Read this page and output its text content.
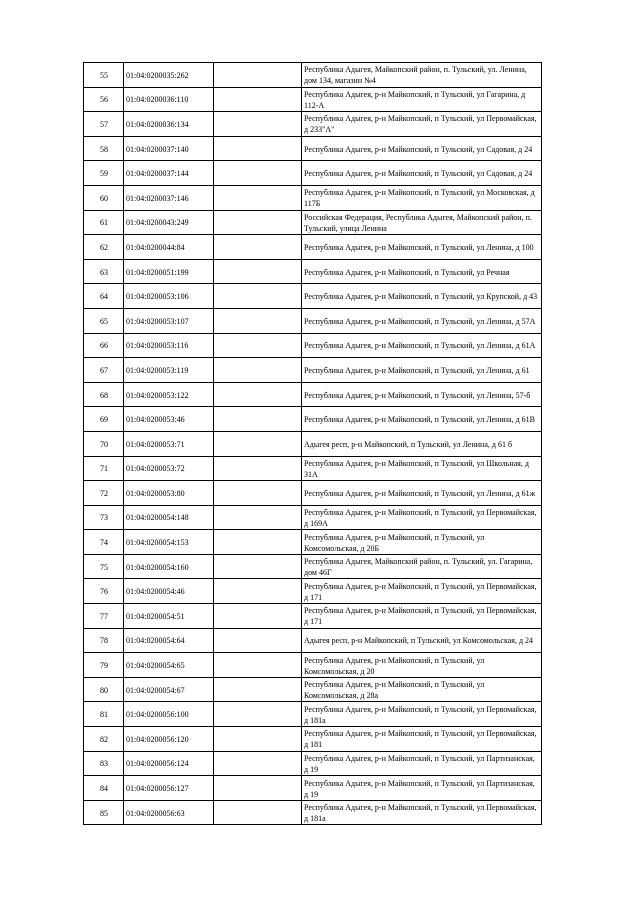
55	01:04:0200035:262		Республика Адыгея, Майкопский район, п. Тульский, ул. Ленина, дом 134, магазин №4
56	01:04:0200036:110		Республика Адыгея, р-н Майкопский, п Тульский, ул Гагарина, д 112-А
57	01:04:0200036:134		Республика Адыгея, р-н Майкопский, п Тульский, ул Первомайская, д 233"А"
58	01:04:0200037:140		Республика Адыгея, р-н Майкопский, п Тульский, ул Садовая, д 24
59	01:04:0200037:144		Республика Адыгея, р-н Майкопский, п Тульский, ул Садовая, д 24
60	01:04:0200037:146		Республика Адыгея, р-н Майкопский, п Тульский, ул Московская, д 117Б
61	01:04:0200043:249		Российская Федерация, Республика Адыгея, Майкопский район, п. Тульский, улица Ленина
62	01:04:0200044:84		Республика Адыгея, р-н Майкопский, п Тульский, ул Ленина, д 100
63	01:04:0200051:199		Республика Адыгея, р-н Майкопский, п Тульский, ул Речная
64	01:04:0200053:106		Республика Адыгея, р-н Майкопский, п Тульский, ул Крупской, д 43
65	01:04:0200053:107		Республика Адыгея, р-н Майкопский, п Тульский, ул Ленина, д 57А
66	01:04:0200053:116		Республика Адыгея, р-н Майкопский, п Тульский, ул Ленина, д 61А
67	01:04:0200053:119		Республика Адыгея, р-н Майкопский, п Тульский, ул Ленина, д 61
68	01:04:0200053:122		Республика Адыгея, р-н Майкопский, п Тульский, ул Ленина, 57-б
69	01:04:0200053:46		Республика Адыгея, р-н Майкопский, п Тульский, ул Ленина, д 61В
70	01:04:0200053:71		Адыгея респ, р-н Майкопский, п Тульский, ул Ленина, д 61 б
71	01:04:0200053:72		Республика Адыгея, р-н Майкопский, п Тульский, ул Школьная, д 31А
72	01:04:0200053:80		Республика Адыгея, р-н Майкопский, п Тульский, ул Ленина, д 61ж
73	01:04:0200054:148		Республика Адыгея, р-н Майкопский, п Тульский, ул Первомайская, д 169А
74	01:04:0200054:153		Республика Адыгея, р-н Майкопский, п Тульский, ул Комсомольская, д 20Б
75	01:04:0200054:160		Республика Адыгея, Майкопский район, п. Тульский, ул. Гагарина, дом 46Г
76	01:04:0200054:46		Республика Адыгея, р-н Майкопский, п Тульский, ул Первомайская, д 171
77	01:04:0200054:51		Республика Адыгея, р-н Майкопский, п Тульский, ул Первомайская, д 171
78	01:04:0200054:64		Адыгея респ, р-н Майкопский, п Тульский, ул Комсомольская, д 24
79	01:04:0200054:65		Республика Адыгея, р-н Майкопский, п Тульский, ул Комсомольская, д 20
80	01:04:0200054:67		Республика Адыгея, р-н Майкопский, п Тульский, ул Комсомольская, д 28а
81	01:04:0200056:100		Республика Адыгея, р-н Майкопский, п Тульский, ул Первомайская, д 181а
82	01:04:0200056:120		Республика Адыгея, р-н Майкопский, п Тульский, ул Первомайская, д 181
83	01:04:0200056:124		Республика Адыгея, р-н Майкопский, п Тульский, ул Партизанская, д 19
84	01:04:0200056:127		Республика Адыгея, р-н Майкопский, п Тульский, ул Партизанская, д 19
85	01:04:0200056:63		Республика Адыгея, р-н Майкопский, п Тульский, ул Первомайская, д 181а
